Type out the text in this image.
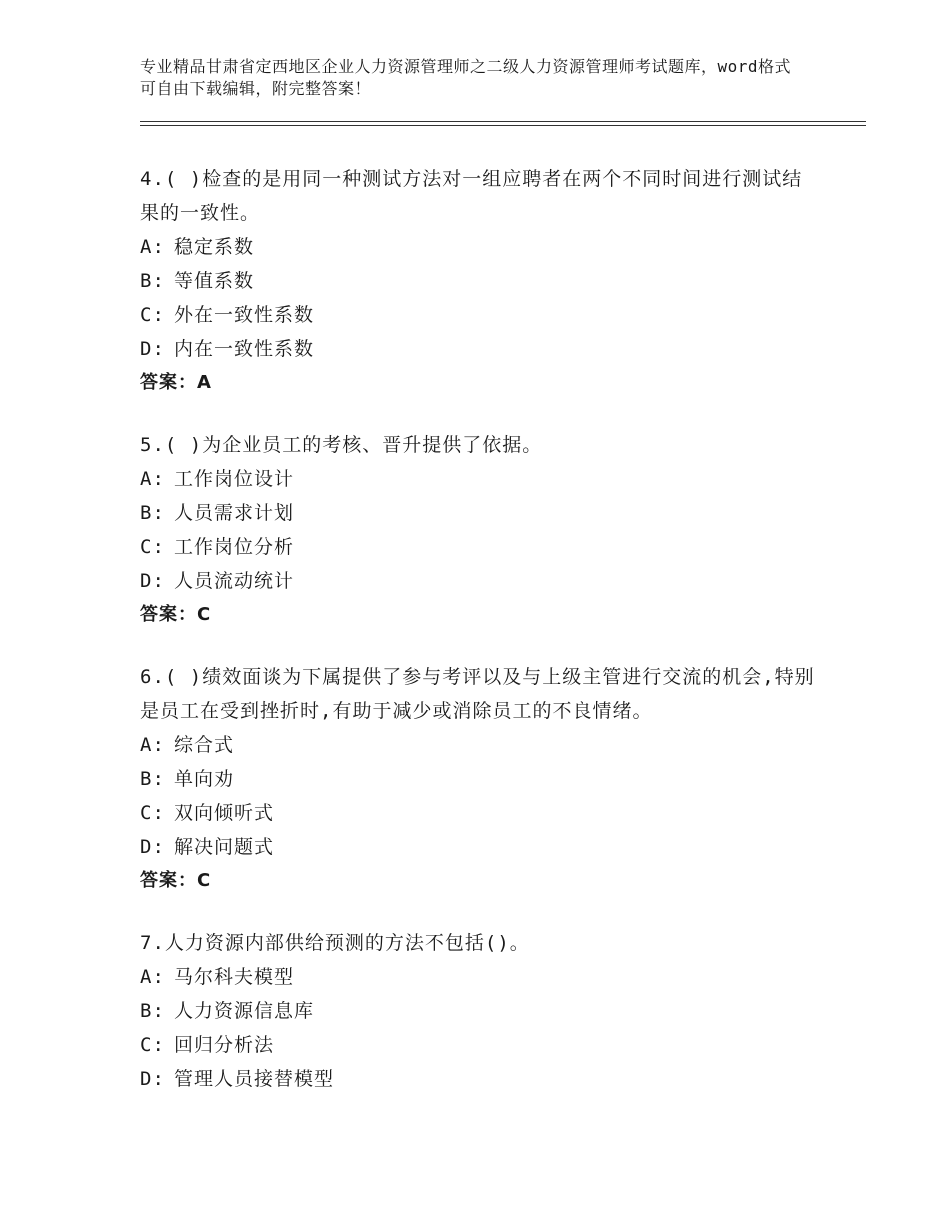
专业精品甘肃省定西地区企业人力资源管理师之二级人力资源管理师考试题库，word格式可自由下载编辑，附完整答案！
4.( )检查的是用同一种测试方法对一组应聘者在两个不同时间进行测试结果的一致性。
A: 稳定系数
B: 等值系数
C: 外在一致性系数
D: 内在一致性系数
答案：A
5.( )为企业员工的考核、晋升提供了依据。
A: 工作岗位设计
B: 人员需求计划
C: 工作岗位分析
D: 人员流动统计
答案：C
6.( )绩效面谈为下属提供了参与考评以及与上级主管进行交流的机会,特别是员工在受到挫折时,有助于减少或消除员工的不良情绪。
A: 综合式
B: 单向劝
C: 双向倾听式
D: 解决问题式
答案：C
7.人力资源内部供给预测的方法不包括()。
A: 马尔科夫模型
B: 人力资源信息库
C: 回归分析法
D: 管理人员接替模型
